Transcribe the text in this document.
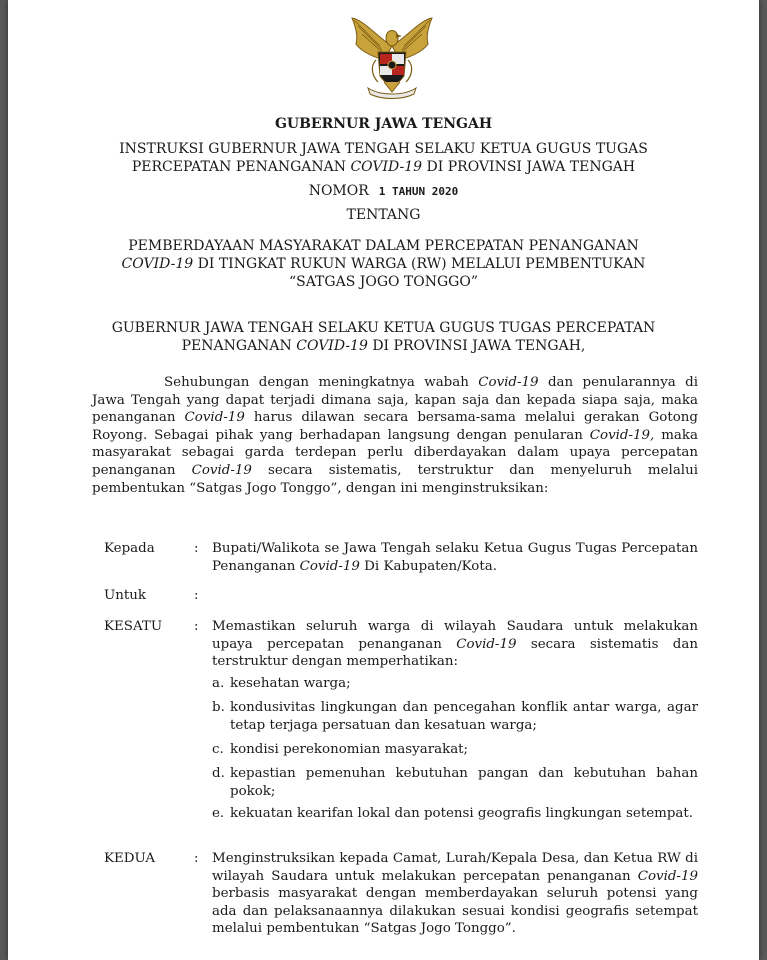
GUBERNUR JAWA TENGAH
INSTRUKSI GUBERNUR JAWA TENGAH SELAKU KETUA GUGUS TUGAS
PERCEPATAN PENANGANAN COVID-19 DI PROVINSI JAWA TENGAH
NOMOR 1 TAHUN 2020
TENTANG
PEMBERDAYAAN MASYARAKAT DALAM PERCEPATAN PENANGANAN
COVID-19 DI TINGKAT RUKUN WARGA (RW) MELALUI PEMBENTUKAN
“SATGAS JOGO TONGGO”
GUBERNUR JAWA TENGAH SELAKU KETUA GUGUS TUGAS PERCEPATAN
PENANGANAN COVID-19 DI PROVINSI JAWA TENGAH,

Sehubungan dengan meningkatnya wabah Covid-19 dan penularannya di Jawa Tengah yang dapat terjadi dimana saja, kapan saja dan kepada siapa saja, maka penanganan Covid-19 harus dilawan secara bersama-sama melalui gerakan Gotong Royong. Sebagai pihak yang berhadapan langsung dengan penularan Covid-19, maka masyarakat sebagai garda terdepan perlu diberdayakan dalam upaya percepatan penanganan Covid-19 secara sistematis, terstruktur dan menyeluruh melalui pembentukan “Satgas Jogo Tonggo”, dengan ini menginstruksikan:

Kepada	: Bupati/Walikota se Jawa Tengah selaku Ketua Gugus Tugas Percepatan Penanganan Covid-19 Di Kabupaten/Kota.
Untuk	:
KESATU : Memastikan seluruh warga di wilayah Saudara untuk melakukan upaya percepatan penanganan Covid-19 secara sistematis dan terstruktur dengan memperhatikan:
a. kesehatan warga;
b. kondusivitas lingkungan dan pencegahan konflik antar warga, agar tetap terjaga persatuan dan kesatuan warga;
c. kondisi perekonomian masyarakat;
d. kepastian pemenuhan kebutuhan pangan dan kebutuhan bahan pokok;
e. kekuatan kearifan lokal dan potensi geografis lingkungan setempat.
KEDUA	: Menginstruksikan kepada Camat, Lurah/Kepala Desa, dan Ketua RW di wilayah Saudara untuk melakukan percepatan penanganan Covid-19 berbasis masyarakat dengan memberdayakan seluruh potensi yang ada dan pelaksanaannya dilakukan sesuai kondisi geografis setempat melalui pembentukan “Satgas Jogo Tonggo”.
